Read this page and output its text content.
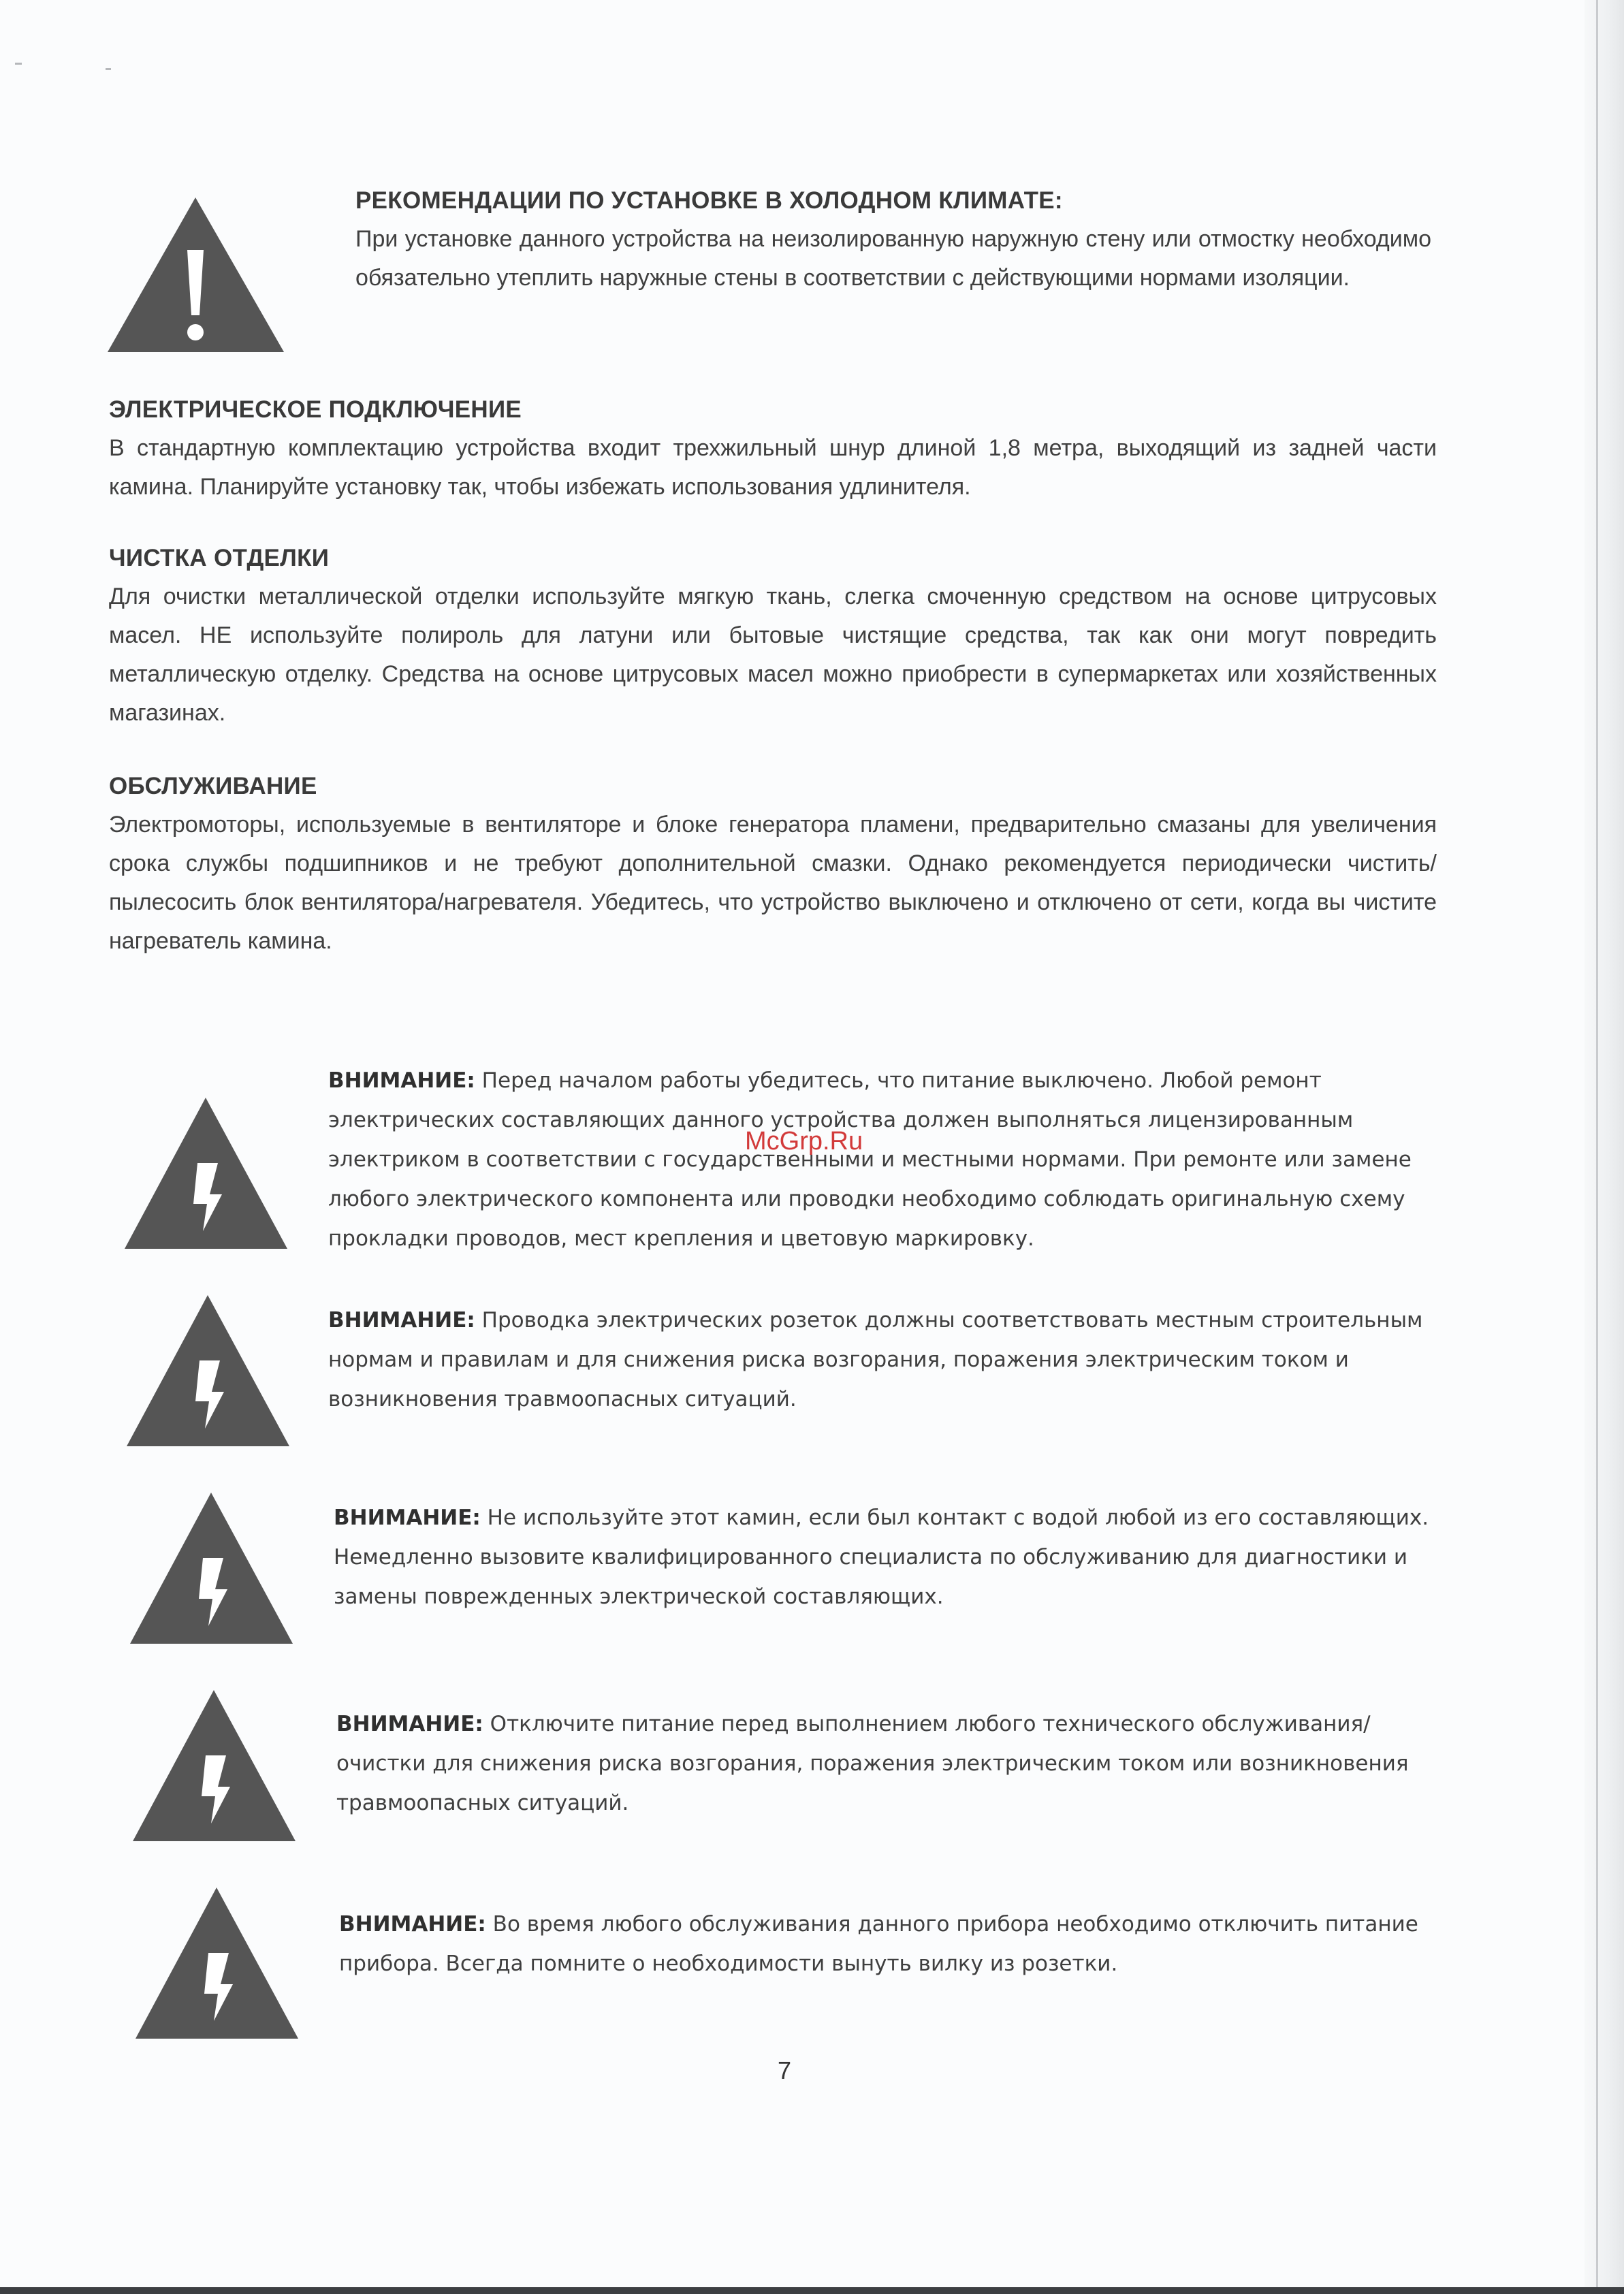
РЕКОМЕНДАЦИИ ПО УСТАНОВКЕ В ХОЛОДНОМ КЛИМАТЕ:

При установке данного устройства на неизолированную наружную стену или отмостку необходимо обязательно утеплить наружные стены в соответствии с действующими нормами изоляции.

ЭЛЕКТРИЧЕСКОЕ ПОДКЛЮЧЕНИЕ

В стандартную комплектацию устройства входит трехжильный шнур длиной 1,8 метра, выходящий из задней части камина. Планируйте установку так, чтобы избежать использования удлинителя.

ЧИСТКА ОТДЕЛКИ

Для очистки металлической отделки используйте мягкую ткань, слегка смоченную средством на основе цитрусовых масел. НЕ используйте полироль для латуни или бытовые чистящие средства, так как они могут повредить металлическую отделку. Средства на основе цитрусовых масел можно приобрести в супермаркетах или хозяйственных магазинах.

ОБСЛУЖИВАНИЕ

Электромоторы, используемые в вентиляторе и блоке генератора пламени, предварительно смазаны для увеличения срока службы подшипников и не требуют дополнительной смазки. Однако рекомендуется периодически чистить/пылесосить блок вентилятора/нагревателя. Убедитесь, что устройство выключено и отключено от сети, когда вы чистите нагреватель камина.

McGrp.Ru
ВНИМАНИЕ: Перед началом работы убедитесь, что питание выключено. Любой ремонт электрических составляющих данного устройства должен выполняться лицензированным электриком в соответствии с государственными и местными нормами. При ремонте или замене любого электрического компонента или проводки необходимо соблюдать оригинальную схему прокладки проводов, мест крепления и цветовую маркировку.
ВНИМАНИЕ: Проводка электрических розеток должны соответствовать местным строительным нормам и правилам и для снижения риска возгорания, поражения электрическим током и возникновения травмоопасных ситуаций.
ВНИМАНИЕ: Не используйте этот камин, если был контакт с водой любой из его составляющих. Немедленно вызовите квалифицированного специалиста по обслуживанию для диагностики и замены поврежденных электрической составляющих.
ВНИМАНИЕ: Отключите питание перед выполнением любого технического обслуживания/очистки для снижения риска возгорания, поражения электрическим током или возникновения травмоопасных ситуаций.
ВНИМАНИЕ: Во время любого обслуживания данного прибора необходимо отключить питание прибора. Всегда помните о необходимости вынуть вилку из розетки.
7
